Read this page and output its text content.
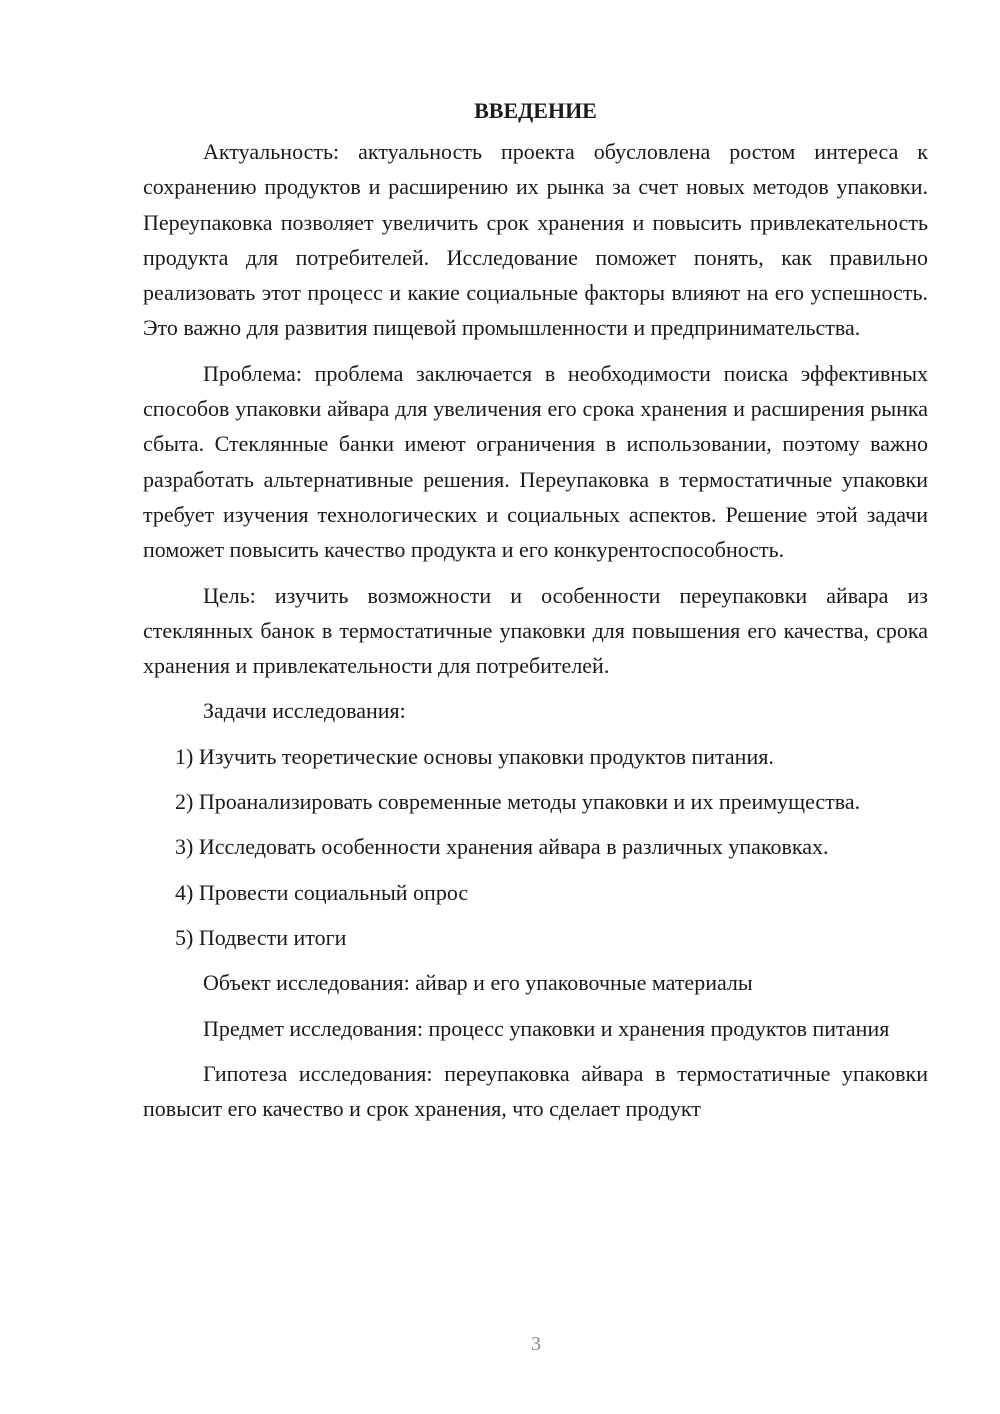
ВВЕДЕНИЕ

Актуальность: актуальность проекта обусловлена ростом интереса к сохранению продуктов и расширению их рынка за счет новых методов упаковки. Переупаковка позволяет увеличить срок хранения и повысить привлекательность продукта для потребителей. Исследование поможет понять, как правильно реализовать этот процесс и какие социальные факторы влияют на его успешность. Это важно для развития пищевой промышленности и предпринимательства.

Проблема: проблема заключается в необходимости поиска эффективных способов упаковки айвара для увеличения его срока хранения и расширения рынка сбыта. Стеклянные банки имеют ограничения в использовании, поэтому важно разработать альтернативные решения. Переупаковка в термостатичные упаковки требует изучения технологических и социальных аспектов. Решение этой задачи поможет повысить качество продукта и его конкурентоспособность.

Цель: изучить возможности и особенности переупаковки айвара из стеклянных банок в термостатичные упаковки для повышения его качества, срока хранения и привлекательности для потребителей.

Задачи исследования:

1) Изучить теоретические основы упаковки продуктов питания.

2) Проанализировать современные методы упаковки и их преимущества.

3) Исследовать особенности хранения айвара в различных упаковках.

4) Провести социальный опрос

5) Подвести итоги

Объект исследования: айвар и его упаковочные материалы

Предмет исследования: процесс упаковки и хранения продуктов питания

Гипотеза исследования: переупаковка айвара в термостатичные упаковки повысит его качество и срок хранения, что сделает продукт

3
